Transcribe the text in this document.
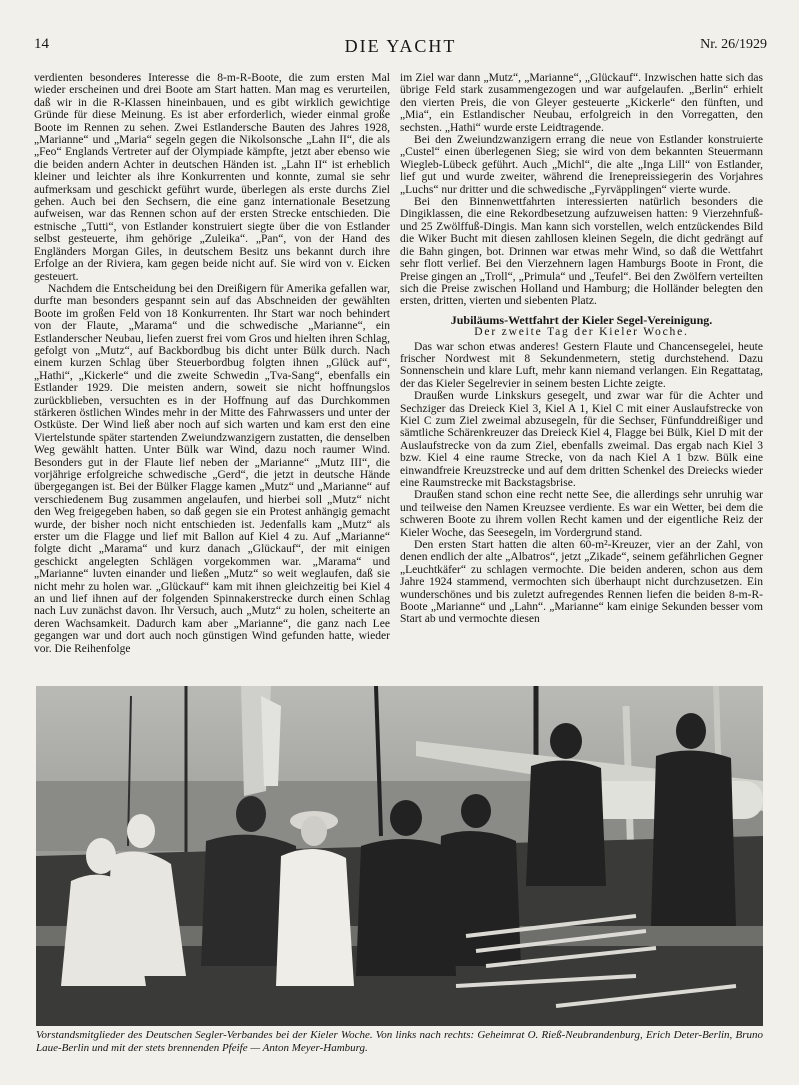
14	DIE YACHT	Nr. 26/1929

verdienten besonderes Interesse die 8-m-R-Boote, die zum ersten Mal wieder erscheinen und drei Boote am Start hatten. Man mag es verurteilen, daß wir in die R-Klassen hineinbauen, und es gibt wirklich gewichtige Gründe für diese Meinung. Es ist aber erforderlich, wieder einmal große Boote im Rennen zu sehen. Zwei Estlandersche Bauten des Jahres 1928, „Marianne“ und „Maria“ segeln gegen die Nikolsonsche „Lahn II“, die als „Feo“ Englands Vertreter auf der Olympiade kämpfte, jetzt aber ebenso wie die beiden andern Achter in deutschen Händen ist. „Lahn II“ ist erheblich kleiner und leichter als ihre Konkurrenten und konnte, zumal sie sehr aufmerksam und geschickt geführt wurde, überlegen als erste durchs Ziel gehen. Auch bei den Sechsern, die eine ganz internationale Besetzung aufweisen, war das Rennen schon auf der ersten Strecke entschieden. Die estnische „Tutti“, von Estlander konstruiert siegte über die von Estlander selbst gesteuerte, ihm gehörige „Zuleika“. „Pan“, von der Hand des Engländers Morgan Giles, in deutschem Besitz uns bekannt durch ihre Erfolge an der Riviera, kam gegen beide nicht auf. Sie wird von v. Eicken gesteuert.

Nachdem die Entscheidung bei den Dreißigern für Amerika gefallen war, durfte man besonders gespannt sein auf das Abschneiden der gewählten Boote im großen Feld von 18 Konkurrenten. Ihr Start war noch behindert von der Flaute, „Marama“ und die schwedische „Marianne“, ein Estlanderscher Neubau, liefen zuerst frei vom Gros und hielten ihren Schlag, gefolgt von „Mutz“, auf Backbordbug bis dicht unter Bülk durch. Nach einem kurzen Schlag über Steuerbordbug folgten ihnen „Glück auf“, „Hathi“, „Kickerle“ und die zweite Schwedin „Tva-Sang“, ebenfalls ein Estlander 1929. Die meisten andern, soweit sie nicht hoffnungslos zurückblieben, versuchten es in der Hoffnung auf das Durchkommen stärkeren östlichen Windes mehr in der Mitte des Fahrwassers und unter der Ostküste. Der Wind ließ aber noch auf sich warten und kam erst den eine Viertelstunde später startenden Zweiundzwanzigern zustatten, die denselben Weg gewählt hatten. Unter Bülk war Wind, dazu noch raumer Wind. Besonders gut in der Flaute lief neben der „Marianne“ „Mutz III“, die vorjährige erfolgreiche schwedische „Gerd“, die jetzt in deutsche Hände übergegangen ist. Bei der Bülker Flagge kamen „Mutz“ und „Marianne“ auf verschiedenem Bug zusammen angelaufen, und hierbei soll „Mutz“ nicht den Weg freigegeben haben, so daß gegen sie ein Protest anhängig gemacht wurde, der bisher noch nicht entschieden ist. Jedenfalls kam „Mutz“ als erster um die Flagge und lief mit Ballon auf Kiel 4 zu. Auf „Marianne“ folgte dicht „Marama“ und kurz danach „Glückauf“, der mit einigen geschickt angelegten Schlägen vorgekommen war. „Marama“ und „Marianne“ luvten einander und ließen „Mutz“ so weit weglaufen, daß sie nicht mehr zu holen war. „Glückauf“ kam mit ihnen gleichzeitig bei Kiel 4 an und lief ihnen auf der folgenden Spinnakerstrecke durch einen Schlag nach Luv zunächst davon. Ihr Versuch, auch „Mutz“ zu holen, scheiterte an deren Wachsamkeit. Dadurch kam aber „Marianne“, die ganz nach Lee gegangen war und dort auch noch günstigen Wind gefunden hatte, wieder vor. Die Reihenfolge

im Ziel war dann „Mutz“, „Marianne“, „Glückauf“. Inzwischen hatte sich das übrige Feld stark zusammengezogen und war aufgelaufen. „Berlin“ erhielt den vierten Preis, die von Gleyer gesteuerte „Kickerle“ den fünften, und „Mia“, ein Estlandischer Neubau, erfolgreich in den Vorregatten, den sechsten. „Hathi“ wurde erste Leidtragende.

Bei den Zweiundzwanzigern errang die neue von Estlander konstruierte „Custel“ einen überlegenen Sieg; sie wird von dem bekannten Steuermann Wieglеb-Lübeck geführt. Auch „Michl“, die alte „Inga Lill“ von Estlander, lief gut und wurde zweiter, während die Irenepreissiegerin des Vorjahres „Luchs“ nur dritter und die schwedische „Fyrväpplingen“ vierte wurde.

Bei den Binnenwettfahrten interessierten natürlich besonders die Dingiklassen, die eine Rekordbesetzung aufzuweisen hatten: 9 Vierzehnfuß- und 25 Zwölffuß-Dingis. Man kann sich vorstellen, welch entzückendes Bild die Wiker Bucht mit diesen zahllosen kleinen Segeln, die dicht gedrängt auf die Bahn gingen, bot. Drinnen war etwas mehr Wind, so daß die Wettfahrt sehr flott verlief. Bei den Vierzehnern lagen Hamburgs Boote in Front, die Preise gingen an „Troll“, „Primula“ und „Teufel“. Bei den Zwölfern verteilten sich die Preise zwischen Holland und Hamburg; die Holländer belegten den ersten, dritten, vierten und siebenten Platz.

Jubiläums-Wettfahrt der Kieler Segel-Vereinigung.

Der zweite Tag der Kieler Woche.

Das war schon etwas anderes! Gestern Flaute und Chancensegelei, heute frischer Nordwest mit 8 Sekundenmetern, stetig durchstehend. Dazu Sonnenschein und klare Luft, mehr kann niemand verlangen. Ein Regattatag, der das Kieler Segelrevier in seinem besten Lichte zeigte.

Draußen wurde Linkskurs gesegelt, und zwar war für die Achter und Sechziger das Dreieck Kiel 3, Kiel A 1, Kiel C mit einer Auslaufstrecke von Kiel C zum Ziel zweimal abzusegeln, für die Sechser, Fünfunddreißiger und sämtliche Schärenkreuzer das Dreieck Kiel 4, Flagge bei Bülk, Kiel D mit der Auslaufstrecke von da zum Ziel, ebenfalls zweimal. Das ergab nach Kiel 3 bzw. Kiel 4 eine raume Strecke, von da nach Kiel A 1 bzw. Bülk eine einwandfreie Kreuzstrecke und auf dem dritten Schenkel des Dreiecks wieder eine Raumstrecke mit Backstagsbrise.

Draußen stand schon eine recht nette See, die allerdings sehr unruhig war und teilweise den Namen Kreuzsee verdiente. Es war ein Wetter, bei dem die schweren Boote zu ihrem vollen Recht kamen und der eigentliche Reiz der Kieler Woche, das Seesegeln, im Vordergrund stand.

Den ersten Start hatten die alten 60-m²-Kreuzer, vier an der Zahl, von denen endlich der alte „Albatros“, jetzt „Zikade“, seinem gefährlichen Gegner „Leuchtkäfer“ zu schlagen vermochte. Die beiden anderen, schon aus dem Jahre 1924 stammend, vermochten sich überhaupt nicht durchzusetzen. Ein wunderschönes und bis zuletzt aufregendes Rennen liefen die beiden 8-m-R-Boote „Marianne“ und „Lahn“. „Marianne“ kam einige Sekunden besser vom Start ab und vermochte diesen

Vorstandsmitglieder des Deutschen Segler-Verbandes bei der Kieler Woche. Von links nach rechts: Geheimrat O. Rieß-Neubrandenburg, Erich Deter-Berlin, Bruno Laue-Berlin und mit der stets brennenden Pfeife — Anton Meyer-Hamburg.
